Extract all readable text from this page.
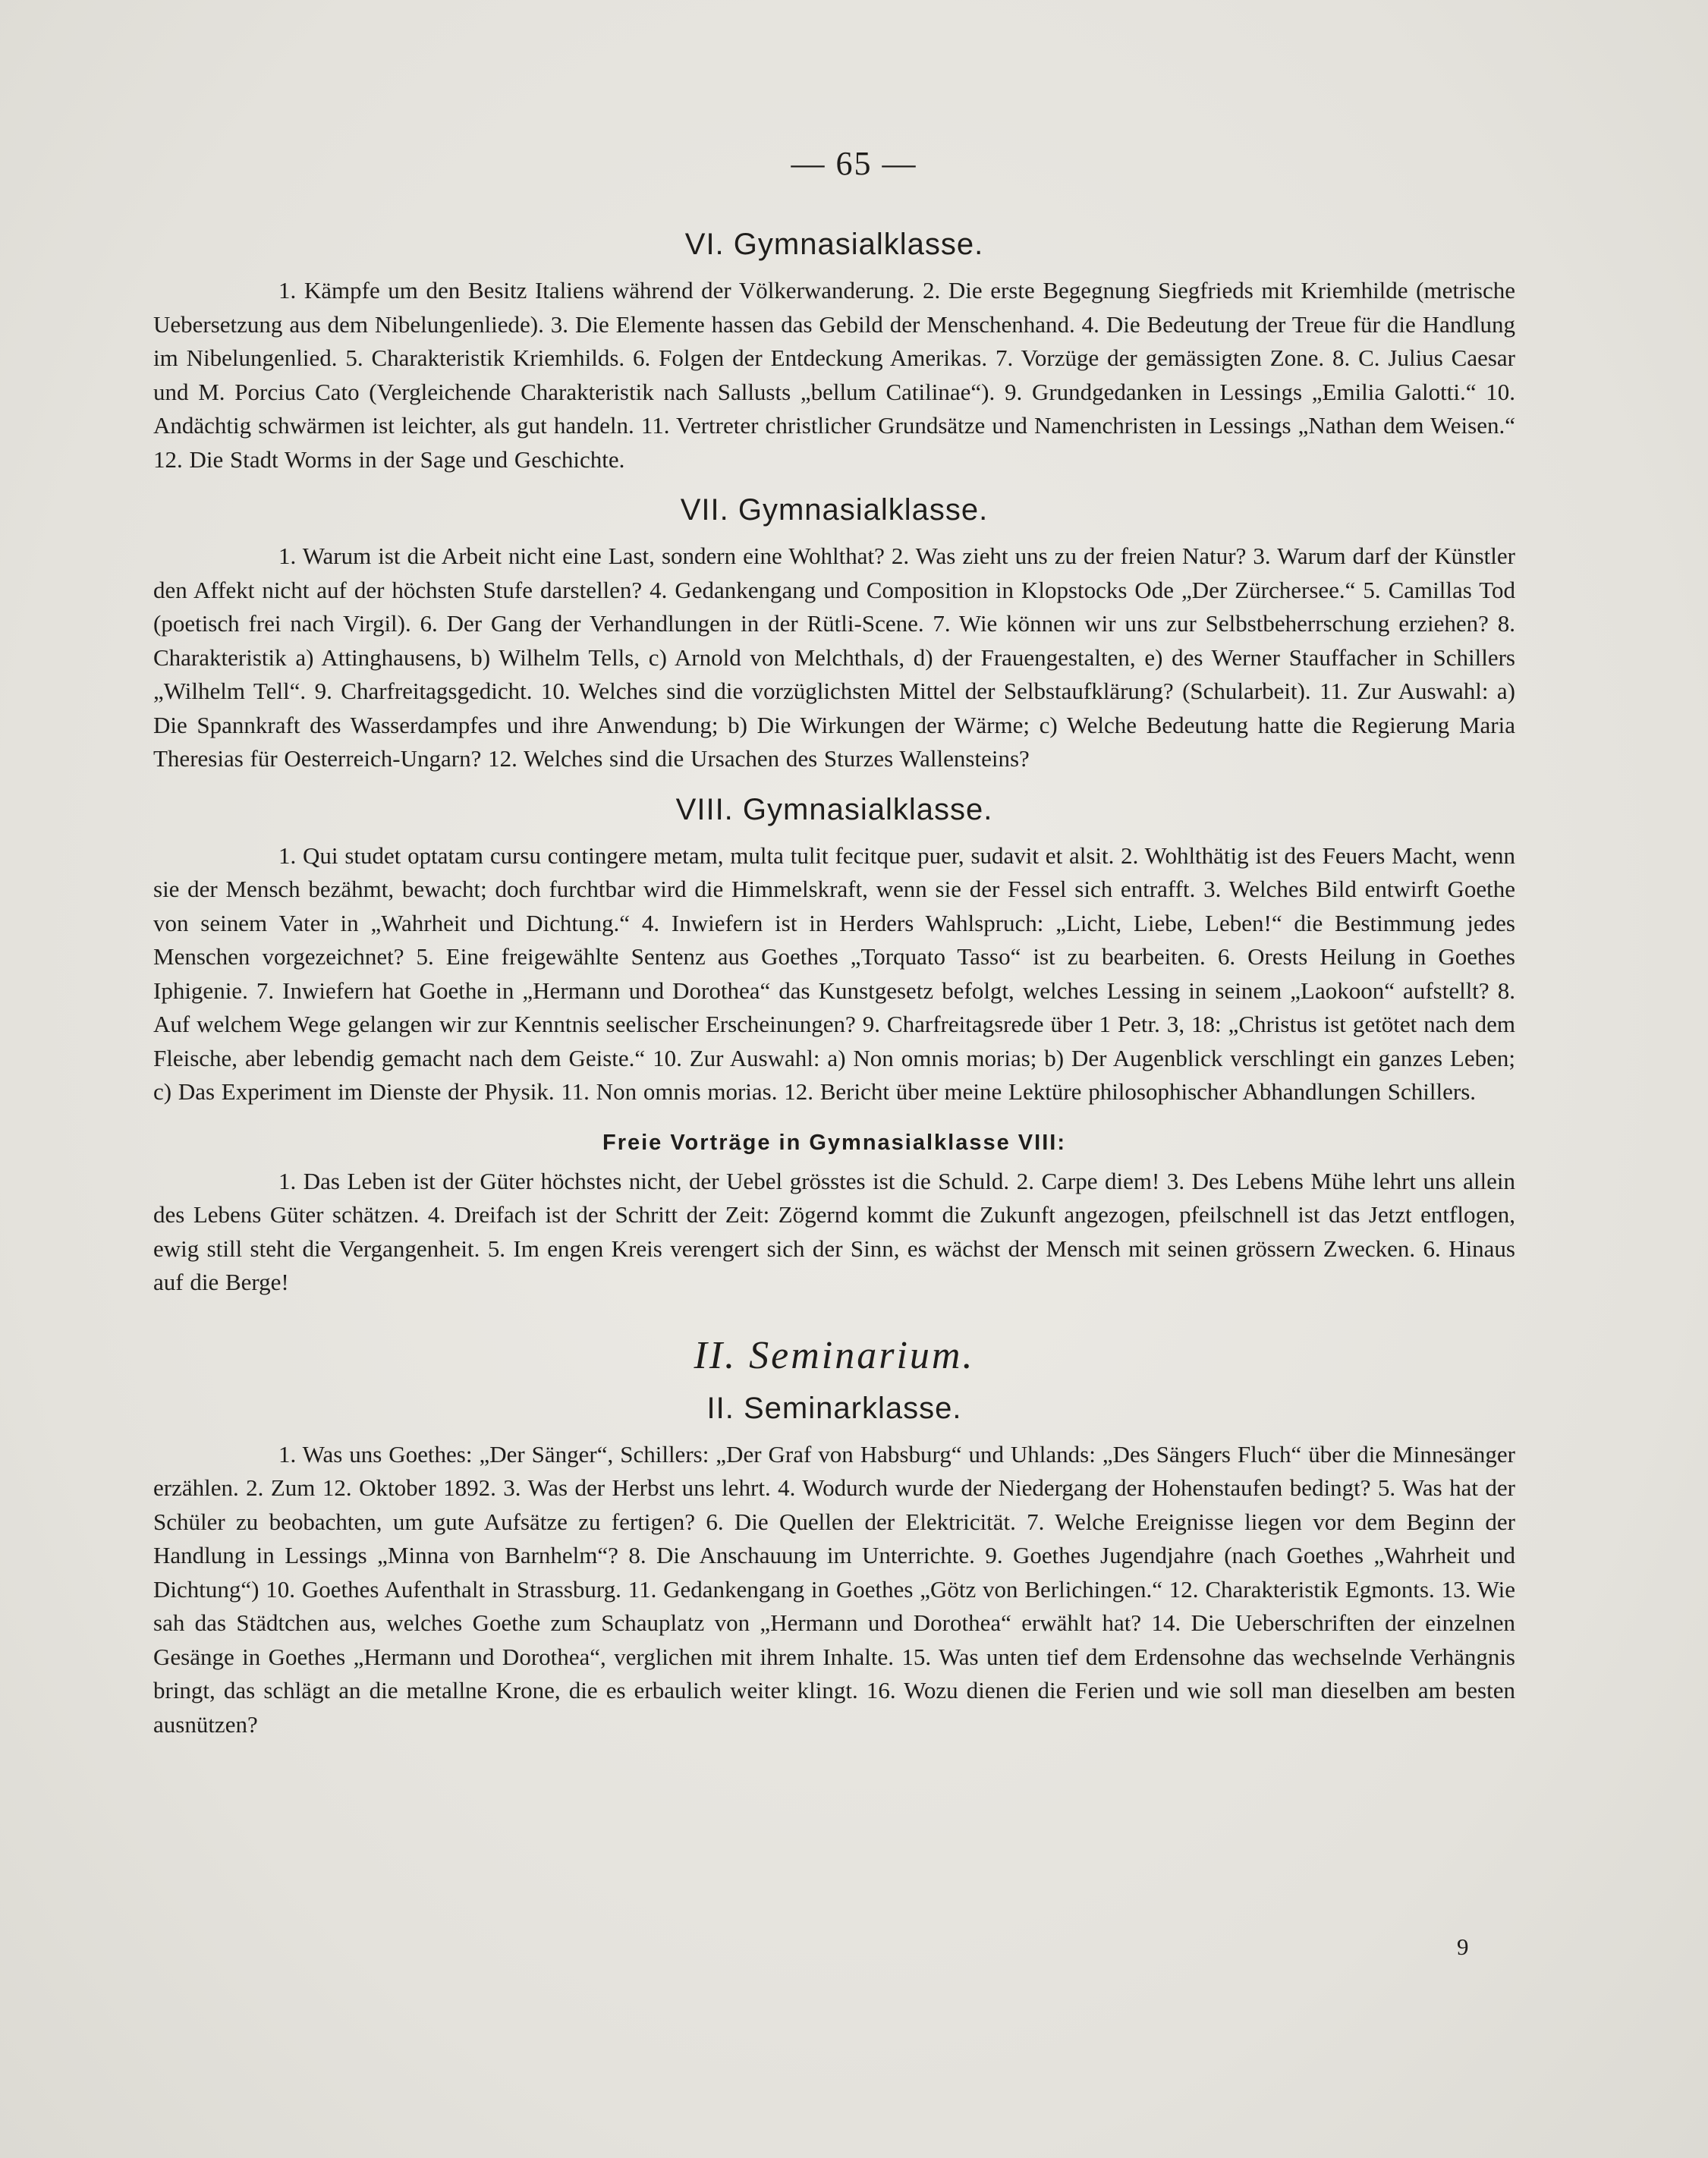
— 65 —
VI. Gymnasialklasse.

1. Kämpfe um den Besitz Italiens während der Völkerwanderung. 2. Die erste Begegnung Siegfrieds mit Kriemhilde (metrische Uebersetzung aus dem Nibelungenliede). 3. Die Elemente hassen das Gebild der Menschenhand. 4. Die Bedeutung der Treue für die Handlung im Nibelungenlied. 5. Charakteristik Kriemhilds. 6. Folgen der Entdeckung Amerikas. 7. Vorzüge der gemässigten Zone. 8. C. Julius Caesar und M. Porcius Cato (Vergleichende Charakteristik nach Sallusts „bellum Catilinae“). 9. Grundgedanken in Lessings „Emilia Galotti.“ 10. Andächtig schwärmen ist leichter, als gut handeln. 11. Vertreter christlicher Grundsätze und Namenchristen in Lessings „Nathan dem Weisen.“ 12. Die Stadt Worms in der Sage und Geschichte.

VII. Gymnasialklasse.

1. Warum ist die Arbeit nicht eine Last, sondern eine Wohlthat? 2. Was zieht uns zu der freien Natur? 3. Warum darf der Künstler den Affekt nicht auf der höchsten Stufe darstellen? 4. Gedankengang und Composition in Klopstocks Ode „Der Zürchersee.“ 5. Camillas Tod (poetisch frei nach Virgil). 6. Der Gang der Verhandlungen in der Rütli-Scene. 7. Wie können wir uns zur Selbstbeherrschung erziehen? 8. Charakteristik a) Attinghausens, b) Wilhelm Tells, c) Arnold von Melchthals, d) der Frauengestalten, e) des Werner Stauffacher in Schillers „Wilhelm Tell“. 9. Charfreitagsgedicht. 10. Welches sind die vorzüglichsten Mittel der Selbstaufklärung? (Schularbeit). 11. Zur Auswahl: a) Die Spannkraft des Wasserdampfes und ihre Anwendung; b) Die Wirkungen der Wärme; c) Welche Bedeutung hatte die Regierung Maria Theresias für Oesterreich-Ungarn? 12. Welches sind die Ursachen des Sturzes Wallensteins?

VIII. Gymnasialklasse.

1. Qui studet optatam cursu contingere metam, multa tulit fecitque puer, sudavit et alsit. 2. Wohlthätig ist des Feuers Macht, wenn sie der Mensch bezähmt, bewacht; doch furchtbar wird die Himmelskraft, wenn sie der Fessel sich entrafft. 3. Welches Bild entwirft Goethe von seinem Vater in „Wahrheit und Dichtung.“ 4. Inwiefern ist in Herders Wahlspruch: „Licht, Liebe, Leben!“ die Bestimmung jedes Menschen vorgezeichnet? 5. Eine freigewählte Sentenz aus Goethes „Torquato Tasso“ ist zu bearbeiten. 6. Orests Heilung in Goethes Iphigenie. 7. Inwiefern hat Goethe in „Hermann und Dorothea“ das Kunstgesetz befolgt, welches Lessing in seinem „Laokoon“ aufstellt? 8. Auf welchem Wege gelangen wir zur Kenntnis seelischer Erscheinungen? 9. Charfreitagsrede über 1 Petr. 3, 18: „Christus ist getötet nach dem Fleische, aber lebendig gemacht nach dem Geiste.“ 10. Zur Auswahl: a) Non omnis morias; b) Der Augenblick verschlingt ein ganzes Leben; c) Das Experiment im Dienste der Physik. 11. Non omnis morias. 12. Bericht über meine Lektüre philosophischer Abhandlungen Schillers.

Freie Vorträge in Gymnasialklasse VIII:

1. Das Leben ist der Güter höchstes nicht, der Uebel grösstes ist die Schuld. 2. Carpe diem! 3. Des Lebens Mühe lehrt uns allein des Lebens Güter schätzen. 4. Dreifach ist der Schritt der Zeit: Zögernd kommt die Zukunft angezogen, pfeilschnell ist das Jetzt entflogen, ewig still steht die Vergangenheit. 5. Im engen Kreis verengert sich der Sinn, es wächst der Mensch mit seinen grössern Zwecken. 6. Hinaus auf die Berge!

II. Seminarium.
II. Seminarklasse.

1. Was uns Goethes: „Der Sänger“, Schillers: „Der Graf von Habsburg“ und Uhlands: „Des Sängers Fluch“ über die Minnesänger erzählen. 2. Zum 12. Oktober 1892. 3. Was der Herbst uns lehrt. 4. Wodurch wurde der Niedergang der Hohenstaufen bedingt? 5. Was hat der Schüler zu beobachten, um gute Aufsätze zu fertigen? 6. Die Quellen der Elektricität. 7. Welche Ereignisse liegen vor dem Beginn der Handlung in Lessings „Minna von Barnhelm“? 8. Die Anschauung im Unterrichte. 9. Goethes Jugendjahre (nach Goethes „Wahrheit und Dichtung“) 10. Goethes Aufenthalt in Strassburg. 11. Gedankengang in Goethes „Götz von Berlichingen.“ 12. Charakteristik Egmonts. 13. Wie sah das Städtchen aus, welches Goethe zum Schauplatz von „Hermann und Dorothea“ erwählt hat? 14. Die Ueberschriften der einzelnen Gesänge in Goethes „Hermann und Dorothea“, verglichen mit ihrem Inhalte. 15. Was unten tief dem Erdensohne das wechselnde Verhängnis bringt, das schlägt an die metallne Krone, die es erbaulich weiter klingt. 16. Wozu dienen die Ferien und wie soll man dieselben am besten ausnützen?

9
